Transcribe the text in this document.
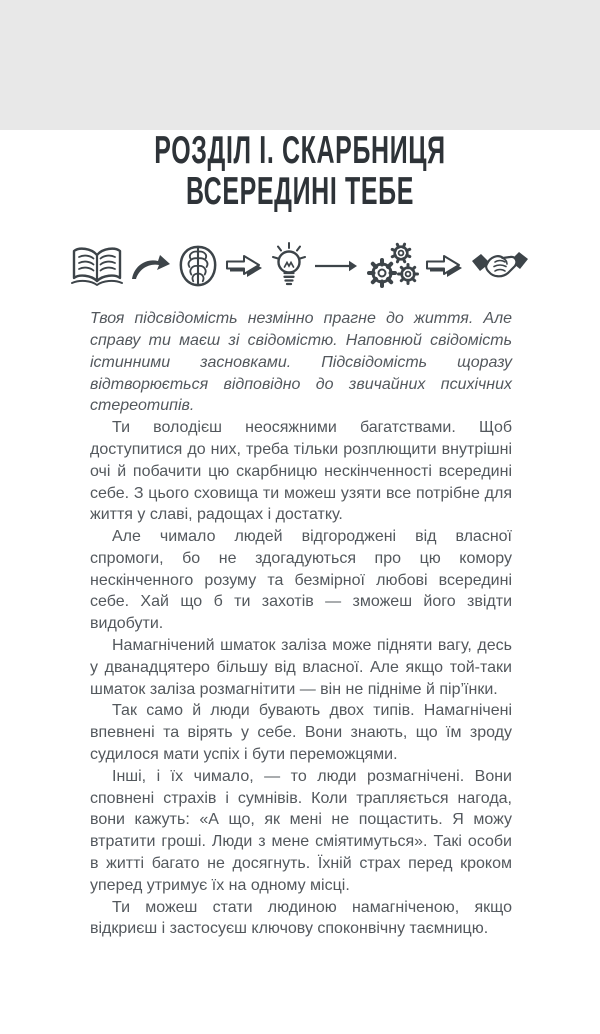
РОЗДІЛ І. СКАРБНИЦЯ
ВСЕРЕДИНІ ТЕБЕ

Твоя підсвідомість незмінно прагне до життя. Але справу ти маєш зі свідомістю. Наповнюй свідомість істинними засновками. Підсвідомість щоразу відтворюється відповідно до звичайних психічних стереотипів.

Ти володієш неосяжними багатствами. Щоб доступитися до них, треба тільки розплющити внутрішні очі й побачити цю скарбницю нескінченності всередині себе. З цього сховища ти можеш узяти все потрібне для життя у славі, радощах і достатку.

Але чимало людей відгороджені від власної спромоги, бо не здогадуються про цю комору нескінченного розуму та безмірної любові всередині себе. Хай що б ти захотів — зможеш його звідти видобути.

Намагнічений шматок заліза може підняти вагу, десь у дванадцятеро більшу від власної. Але якщо той-таки шматок заліза розмагнітити — він не підніме й пір’їнки.

Так само й люди бувають двох типів. Намагнічені впевнені та вірять у себе. Вони знають, що їм зроду судилося мати успіх і бути переможцями.

Інші, і їх чимало, — то люди розмагнічені. Вони сповнені страхів і сумнівів. Коли трапляється нагода, вони кажуть: «А що, як мені не пощастить. Я можу втратити гроші. Люди з мене сміятимуться». Такі особи в житті багато не досягнуть. Їхній страх перед кроком уперед утримує їх на одному місці.

Ти можеш стати людиною намагніченою, якщо відкриєш і застосуєш ключову споконвічну таємницю.
